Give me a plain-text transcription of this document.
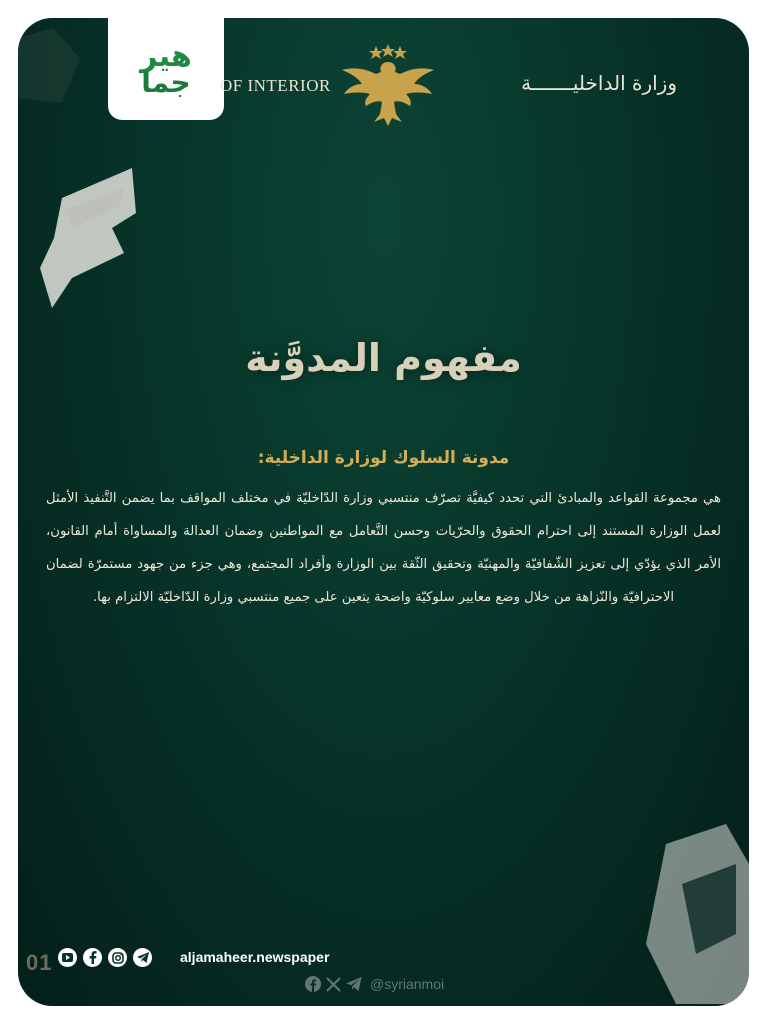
هير
جما OF INTERIOR	وزارة الداخليـــــــة
مفهوم المدوَّنة
مدونة السلوك لوزارة الداخلية:
هي مجموعة القواعد والمبادئ التي تحدد كيفيَّة تصرّف منتسبي وزارة الدّاخليّة في مختلف المواقف بما يضمن التَّنفيذ الأمثل لعمل الوزارة المستند إلى احترام الحقوق والحرّيات وحسن التَّعامل مع المواطنين وضمان العدالة والمساواة أمام القانون، الأمر الذي يؤدّي إلى تعزيز الشّفافيّة والمهنيّة وتحقيق الثّقة بين الوزارة وأفراد المجتمع، وهي جزء من جهود مستمرّة لضمان الاحترافيّة والنّزاهة من خلال وضع معايير سلوكيّة واضحة يتعين على جميع منتسبي وزارة الدّاخليّة الالتزام بها.
01	aljamaheer.newspaper
@syrianmoi
